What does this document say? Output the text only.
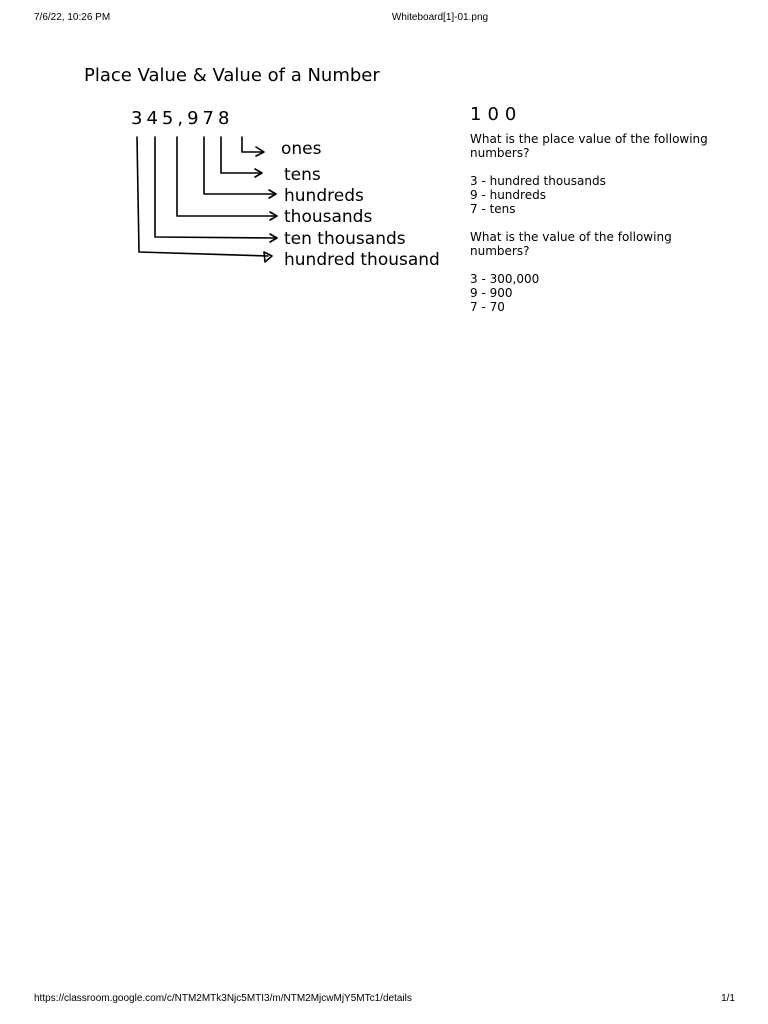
7/6/22, 10:26 PM	Whiteboard[1]-01.png
Place Value & Value of a Number
345,978
ones
tens
hundreds
thousands
ten thousands
hundred thousand
100

What is the place value of the following numbers?

3 - hundred thousands

9 - hundreds

7 - tens

What is the value of the following numbers?

3 - 300,000

9 - 900

7 - 70

https://classroom.google.com/c/NTM2MTk3Njc5MTI3/m/NTM2MjcwMjY5MTc1/details	1/1
